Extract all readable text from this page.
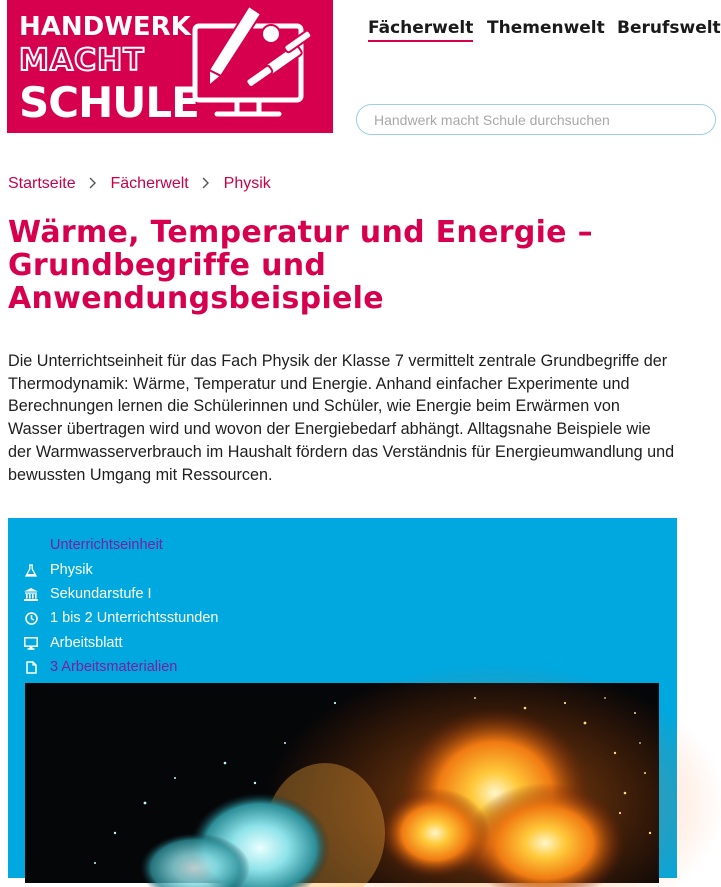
HANDWERK
MACHT
SCHULE
Fächerwelt Themenwelt Berufswelt
Handwerk macht Schule durchsuchen
Startseite Fächerwelt Physik
Wärme, Temperatur und Energie – Grundbegriffe und Anwendungsbeispiele

Die Unterrichtseinheit für das Fach Physik der Klasse 7 vermittelt zentrale Grundbegriffe der Thermodynamik: Wärme, Temperatur und Energie. Anhand einfacher Experimente und Berechnungen lernen die Schülerinnen und Schüler, wie Energie beim Erwärmen von Wasser übertragen wird und wovon der Energiebedarf abhängt. Alltagsnahe Beispiele wie der Warmwasserverbrauch im Haushalt fördern das Verständnis für Energieumwandlung und bewussten Umgang mit Ressourcen.

Unterrichtseinheit
Physik
Sekundarstufe I
1 bis 2 Unterrichtsstunden
Arbeitsblatt
3 Arbeitsmaterialien
